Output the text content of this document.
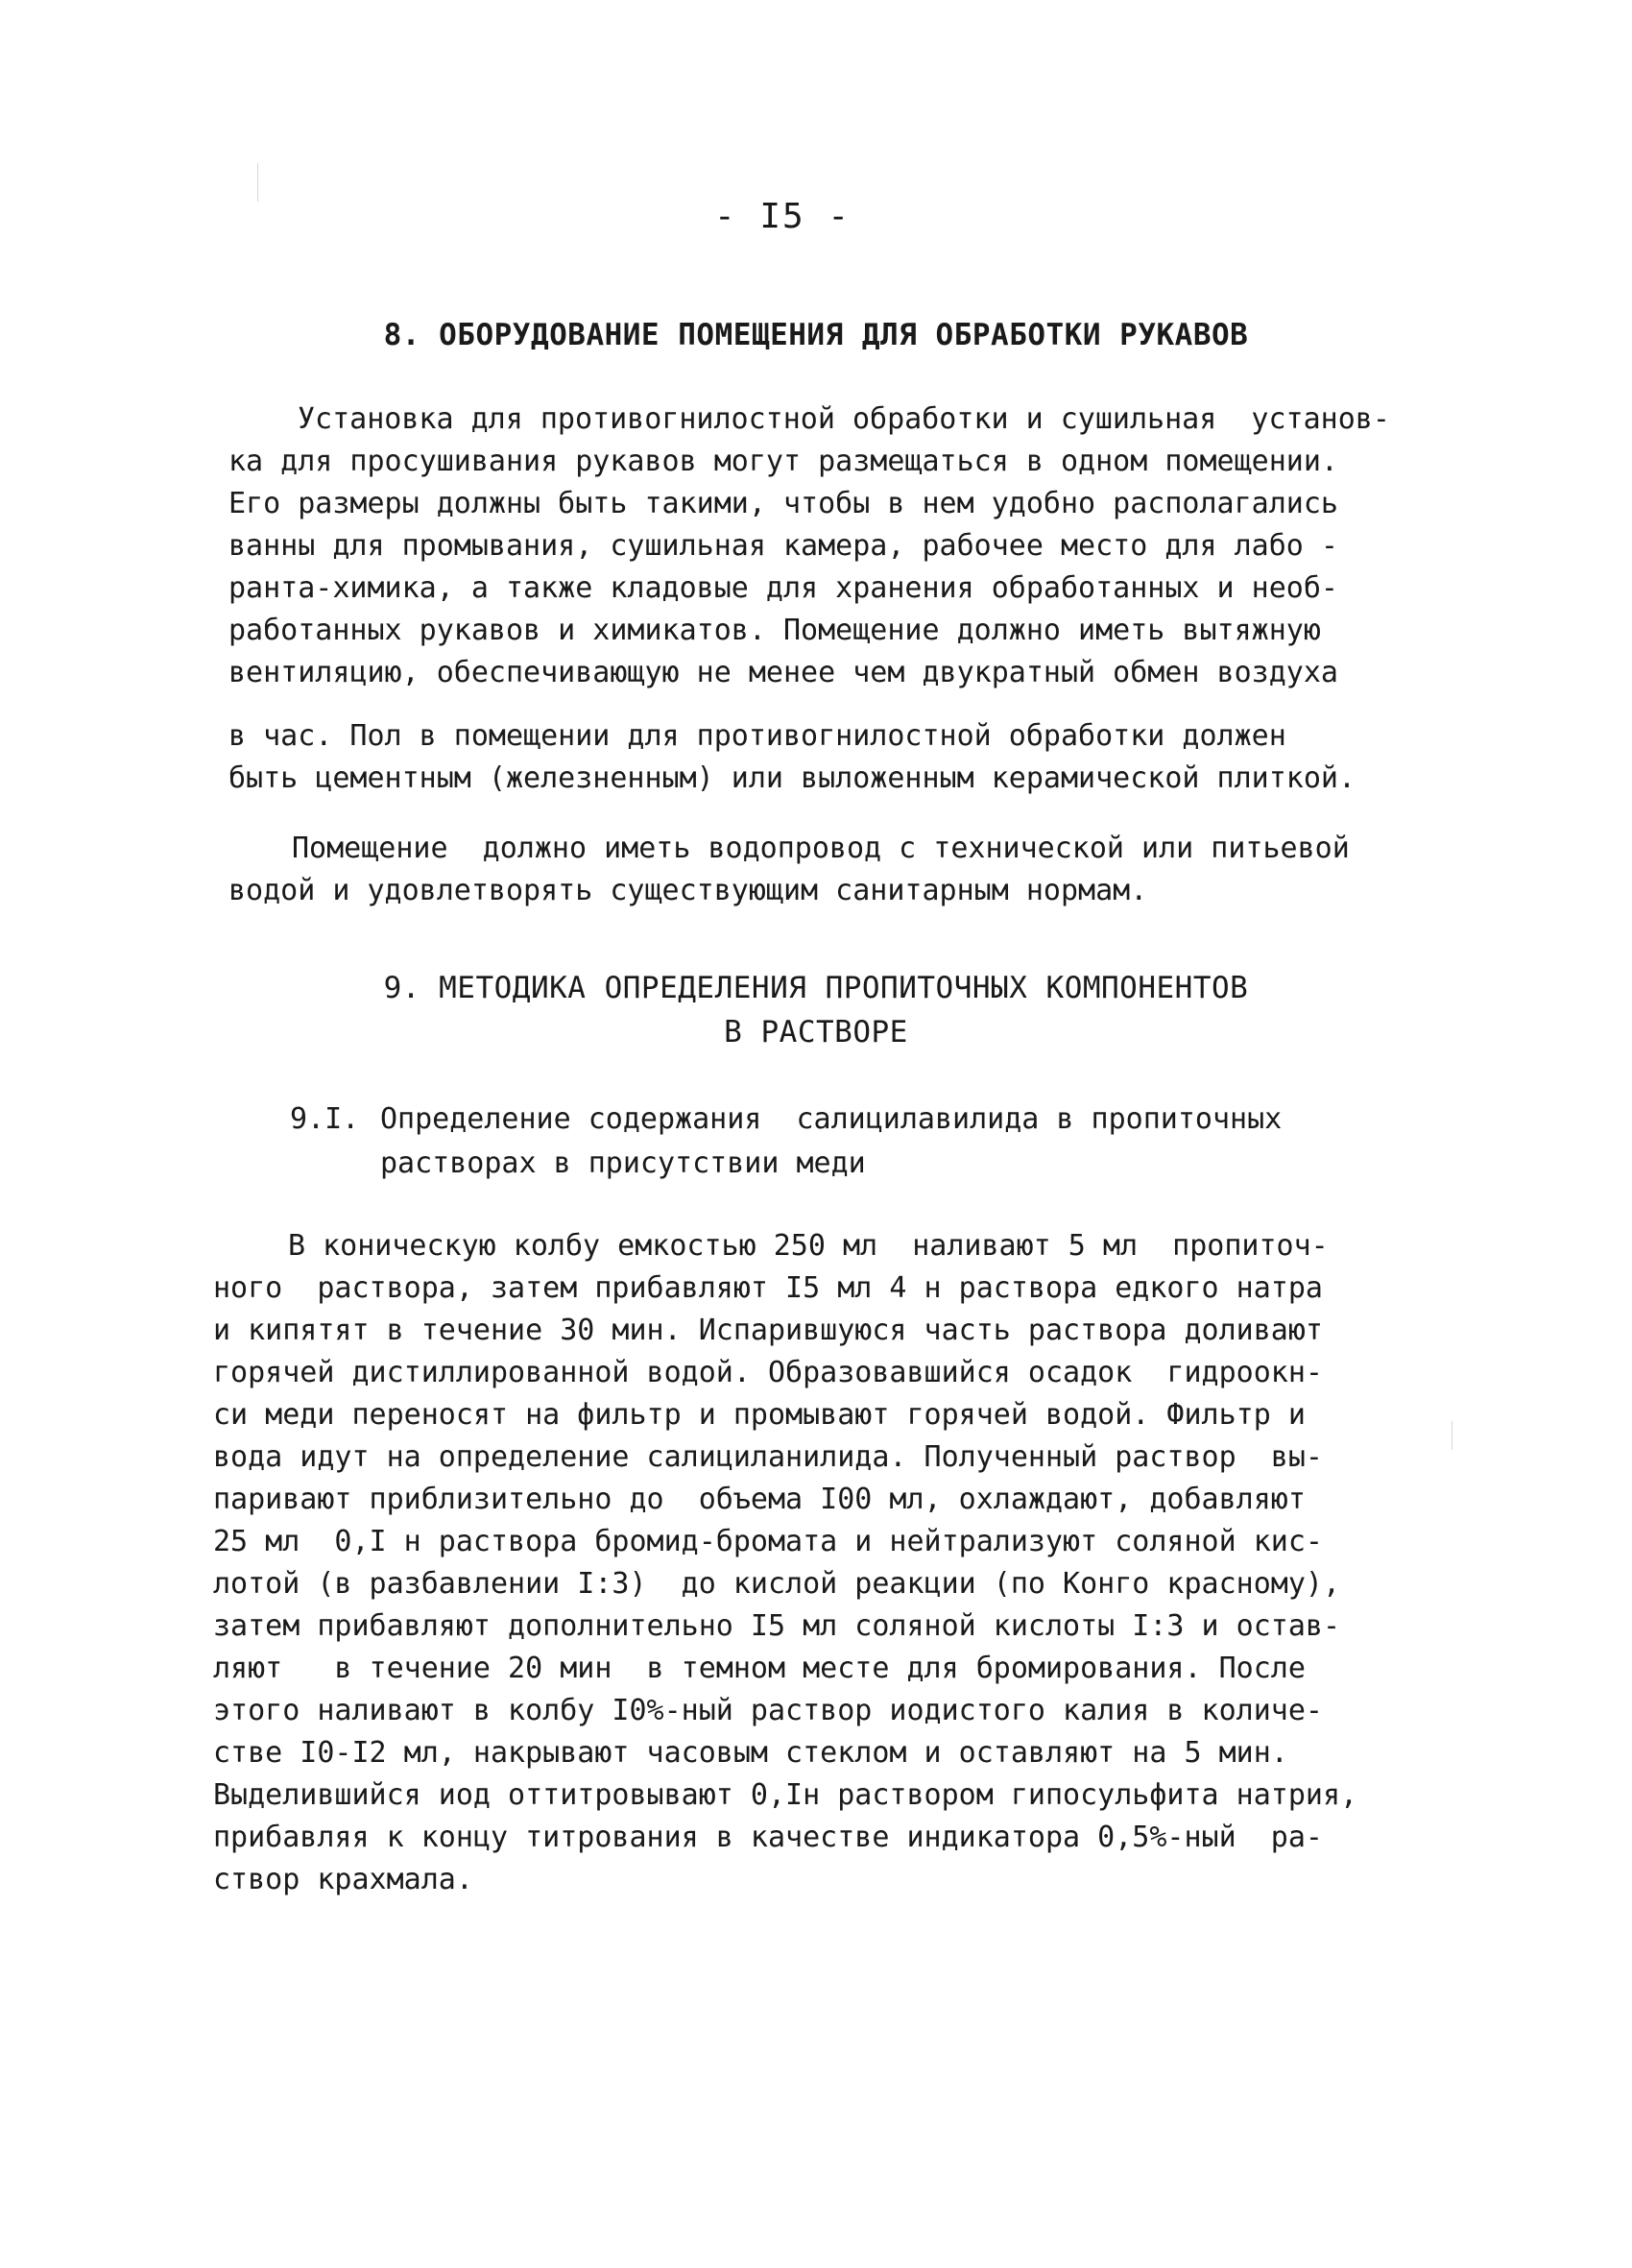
- I5 -
8. ОБОРУДОВАНИЕ ПОМЕЩЕНИЯ ДЛЯ ОБРАБОТКИ РУКАВОВ
Установка для противогнилостной обработки и сушильная  установ-
ка для просушивания рукавов могут размещаться в одном помещении.
Его размеры должны быть такими, чтобы в нем удобно располагались
ванны для промывания, сушильная камера, рабочее место для лабо -
ранта-химика, а также кладовые для хранения обработанных и необ-
работанных рукавов и химикатов. Помещение должно иметь вытяжную
вентиляцию, обеспечивающую не менее чем двукратный обмен воздуха
в час. Пол в помещении для противогнилостной обработки должен
быть цементным (железненным) или выложенным керамической плиткой.
Помещение  должно иметь водопровод с технической или питьевой
водой и удовлетворять существующим санитарным нормам.
9. МЕТОДИКА ОПРЕДЕЛЕНИЯ ПРОПИТОЧНЫХ КОМПОНЕНТОВ
В РАСТВОРЕ
9.I. Определение содержания  салицилавилида в пропиточных
растворах в присутствии меди
В коническую колбу емкостью 250 мл  наливают 5 мл  пропиточ-
ного  раствора, затем прибавляют I5 мл 4 н раствора едкого натра
и кипятят в течение 30 мин. Испарившуюся часть раствора доливают
горячей дистиллированной водой. Образовавшийся осадок  гидроокн-
си меди переносят на фильтр и промывают горячей водой. Фильтр и
вода идут на определение салициланилида. Полученный раствор  вы-
паривают приблизительно до  объема I00 мл, охлаждают, добавляют
25 мл  0,I н раствора бромид-бромата и нейтрализуют соляной кис-
лотой (в разбавлении I:3)  до кислой реакции (по Конго красному),
затем прибавляют дополнительно I5 мл соляной кислоты I:3 и остав-
ляют   в течение 20 мин  в темном месте для бромирования. После
этого наливают в колбу I0%-ный раствор иодистого калия в количе-
стве I0-I2 мл, накрывают часовым стеклом и оставляют на 5 мин.
Выделившийся иод оттитровывают 0,Iн раствором гипосульфита натрия,
прибавляя к концу титрования в качестве индикатора 0,5%-ный  ра-
створ крахмала.
